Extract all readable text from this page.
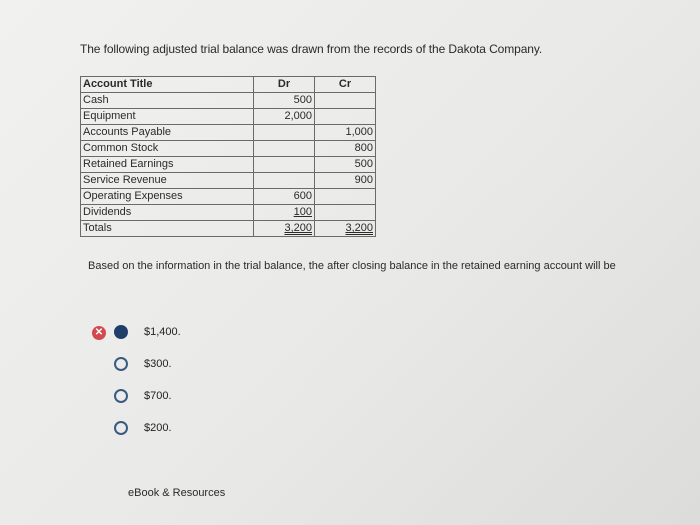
The following adjusted trial balance was drawn from the records of the Dakota Company.
Account Title	Dr	Cr
Cash	500	
Equipment	2,000	
Accounts Payable		1,000
Common Stock		800
Retained Earnings		500
Service Revenue		900
Operating Expenses	600	
Dividends	100	
Totals	3,200	3,200
Based on the information in the trial balance, the after closing balance in the retained earning account will be
✕	$1,400.
$300.
$700.
$200.
eBook & Resources
